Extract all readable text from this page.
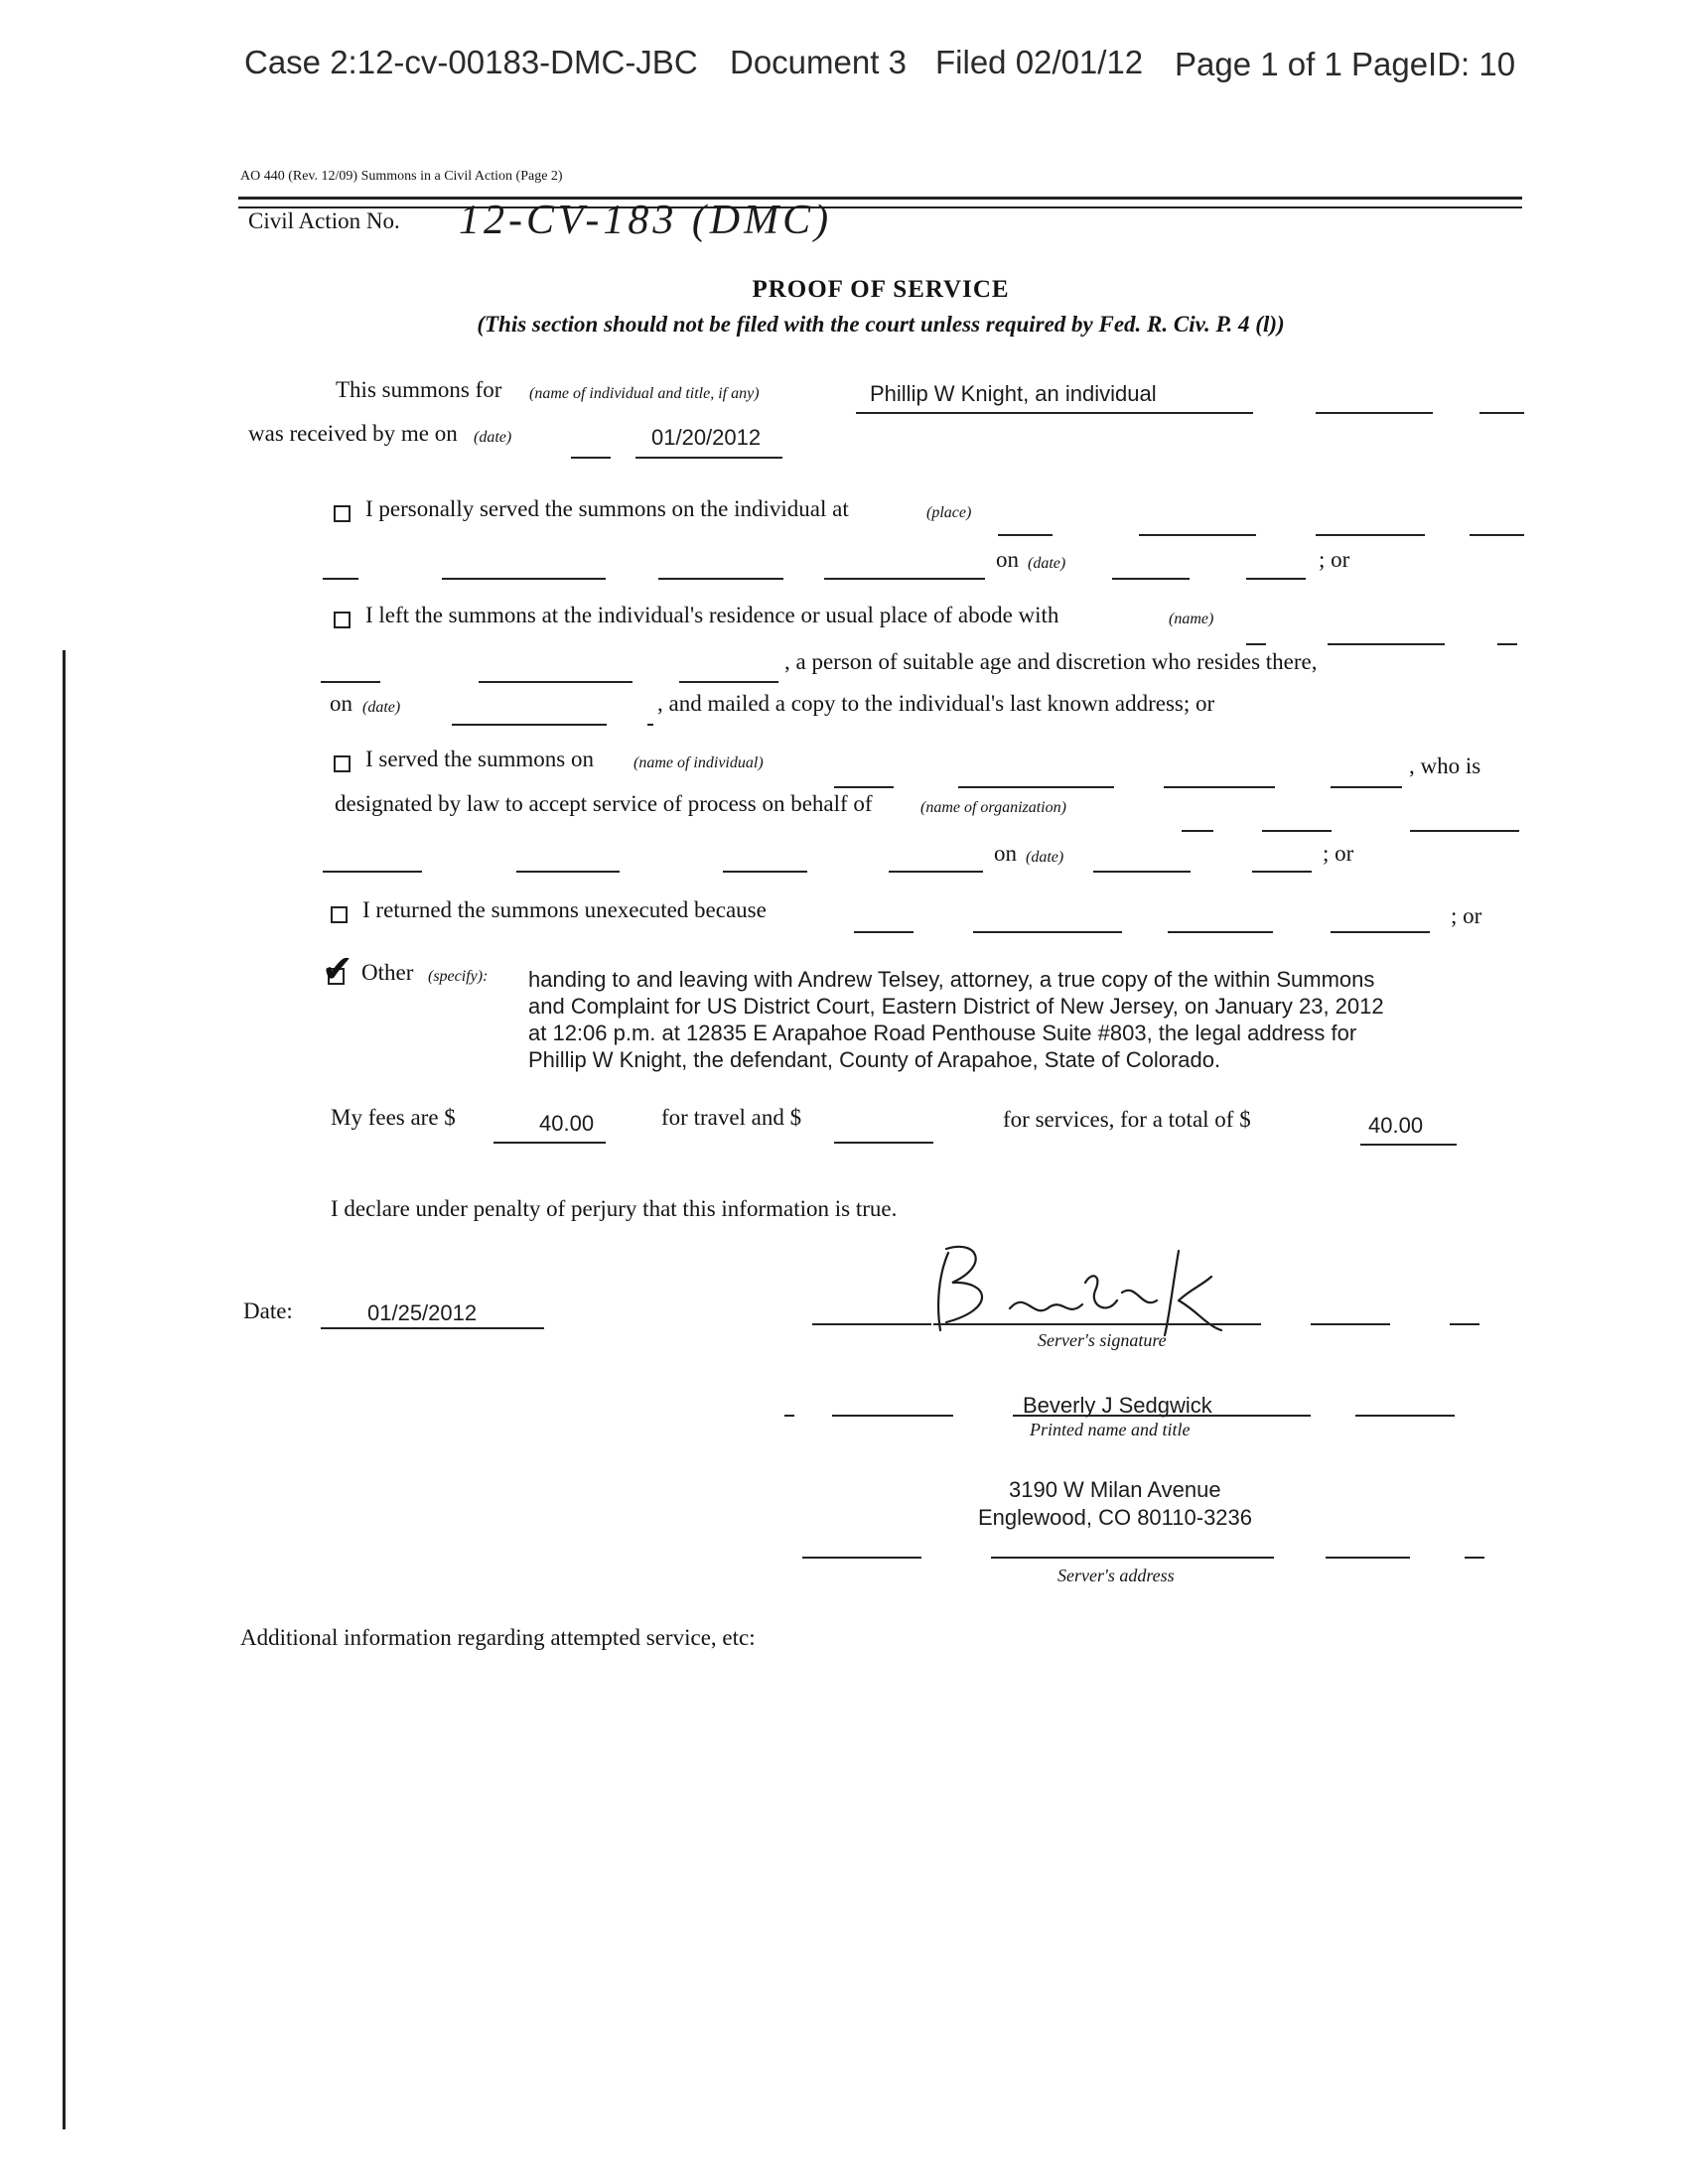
Case 2:12-cv-00183-DMC-JBC Document 3 Filed 02/01/12 Page 1 of 1 PageID: 10
AO 440 (Rev. 12/09) Summons in a Civil Action (Page 2)
Civil Action No. 12-CV-183 (DMC)
PROOF OF SERVICE
(This section should not be filed with the court unless required by Fed. R. Civ. P. 4 (l))
This summons for (name of individual and title, if any)	Phillip W Knight, an individual
was received by me on (date)	01/20/2012
I personally served the summons on the individual at	(place)
on (date)	; or
I left the summons at the individual's residence or usual place of abode with	(name)
, a person of suitable age and discretion who resides there,
on (date)	, and mailed a copy to the individual's last known address; or
I served the summons on	(name of individual)	, who is
designated by law to accept service of process on behalf of	(name of organization)
on (date)	; or
I returned the summons unexecuted because	; or
✔ Other (specify): handing to and leaving with Andrew Telsey, attorney, a true copy of the within Summons
and Complaint for US District Court, Eastern District of New Jersey, on January 23, 2012
at 12:06 p.m. at 12835 E Arapahoe Road Penthouse Suite #803, the legal address for
Phillip W Knight, the defendant, County of Arapahoe, State of Colorado.
My fees are $	40.00	for travel and $	for services, for a total of $	40.00
I declare under penalty of perjury that this information is true.
Date:	01/25/2012
Server's signature
Beverly J Sedgwick
Printed name and title
3190 W Milan Avenue
Englewood, CO 80110-3236
Server's address
Additional information regarding attempted service, etc:
